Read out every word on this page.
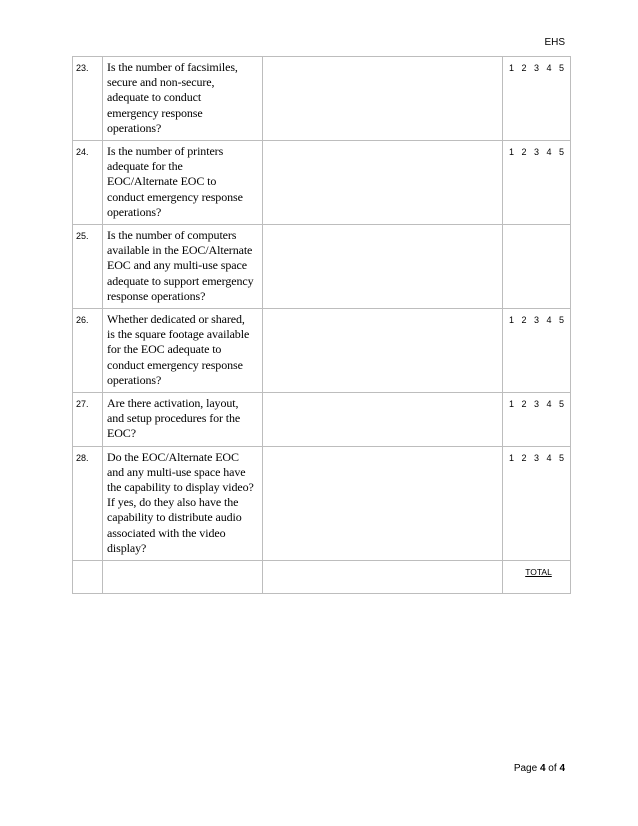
EHS
23.	Is the number of facsimiles, secure and non-secure, adequate to conduct emergency response operations?		1 2 3 4 5

24.	Is the number of printers adequate for the EOC/Alternate EOC to conduct emergency response operations?		1 2 3 4 5

25.	Is the number of computers available in the EOC/Alternate EOC and any multi-use space adequate to support emergency response operations?		

26.	Whether dedicated or shared, is the square footage available for the EOC adequate to conduct emergency response operations?		1 2 3 4 5

27.	Are there activation, layout, and setup procedures for the EOC?		1 2 3 4 5

28.	Do the EOC/Alternate EOC and any multi-use space have the capability to display video? If yes, do they also have the capability to distribute audio associated with the video display?		1 2 3 4 5

			TOTAL
Page 4 of 4
